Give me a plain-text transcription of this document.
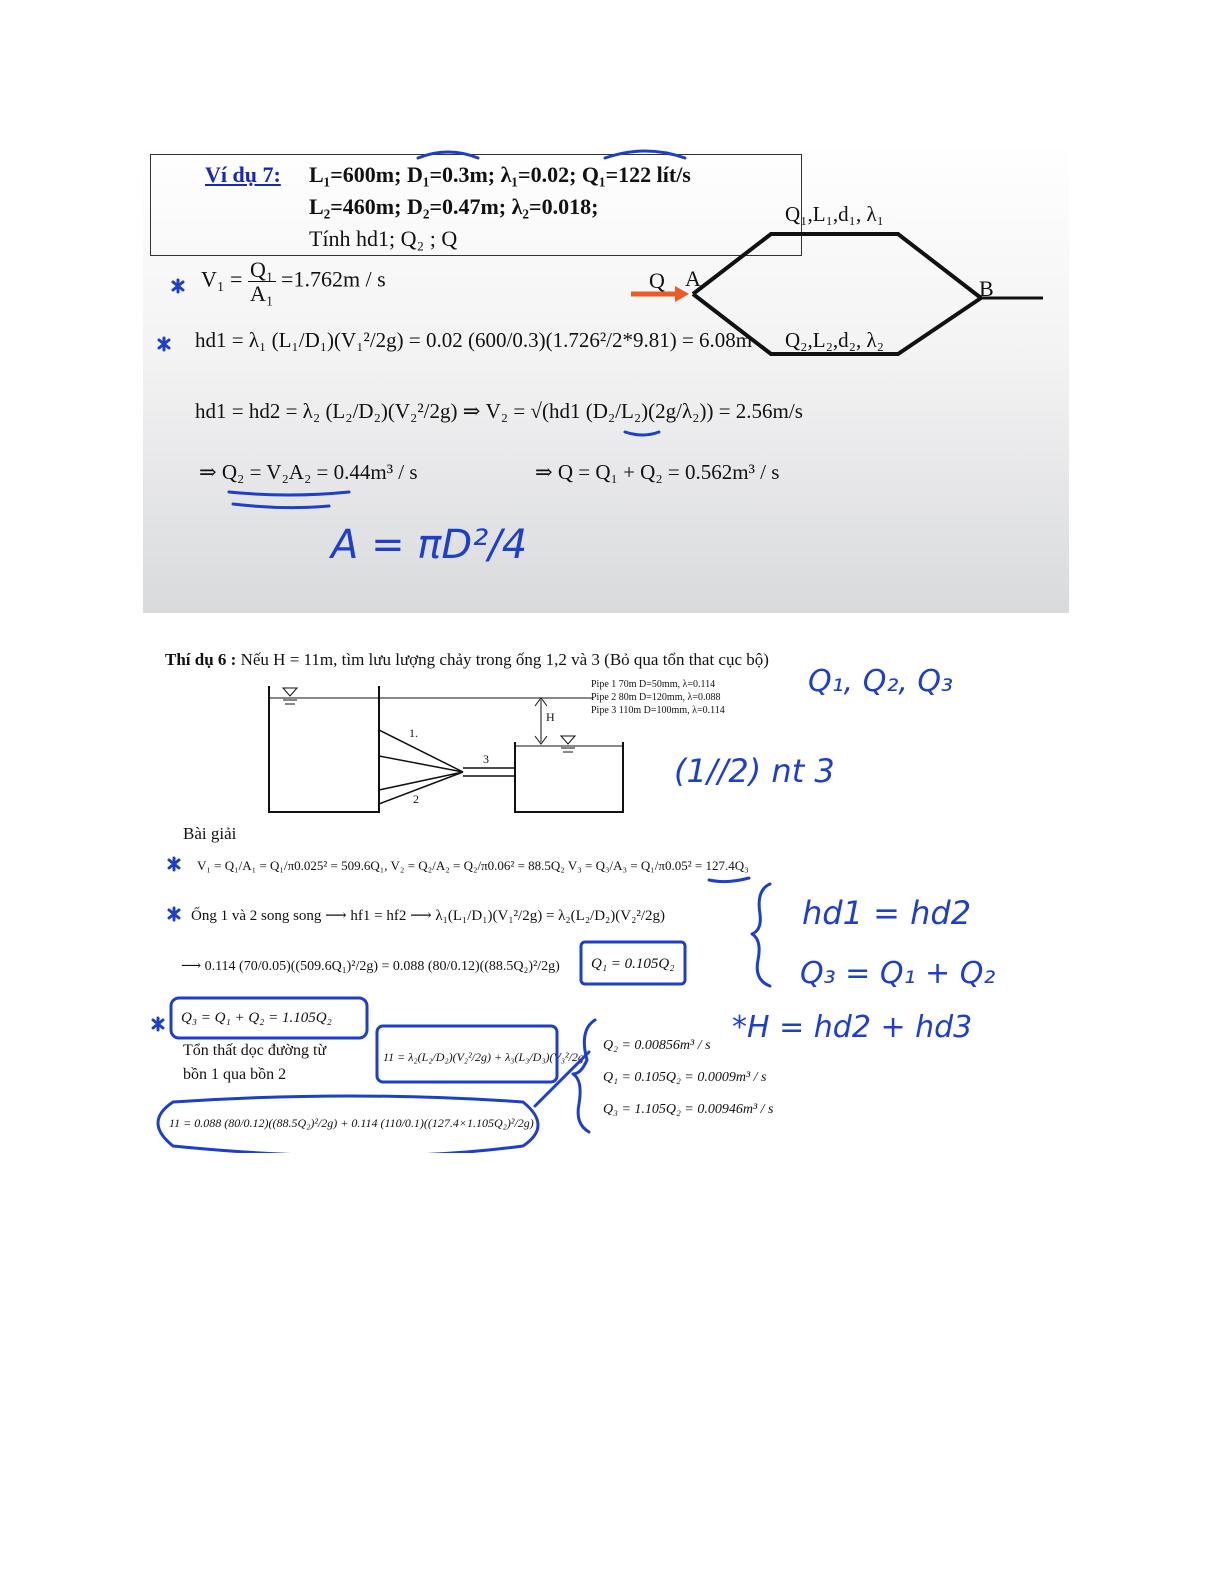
Ví dụ 7: L₁=600m; D₁=0.3m; λ₁=0.02; Q₁=122 lít/s
L₂=460m; D₂=0.47m; λ₂=0.018;
Tính hd1; Q₂ ; Q
Q₁,L₁,d₁, λ₁
Q₂,L₂,d₂, λ₂
Q A	B
$V_1 = \frac{\text{Q₁}}{\text{A₁}} =1.762m / s$
hd1 = λ₁ (L₁/D₁)(V₁²/2g) = 0.02 (600/0.3)(1.726²/2*9.81) = 6.08m
hd1 = hd2 = λ₂ (L₂/D₂)(V₂²/2g) ⇒ V₂ = √(hd1 (D₂/L₂)(2g/λ₂)) = 2.56m/s
⇒ Q₂ = V₂A₂ = 0.44m³ / s	⇒ Q = Q₁ + Q₂ = 0.562m³ / s
A = πD²/4
Thí dụ 6 : Nếu H = 11m, tìm lưu lượng chảy trong ống 1,2 và 3 (Bỏ qua tổn that cục bộ)
H
1.
2
3
Pipe 1 70m D=50mm, λ=0.114
Pipe 2 80m D=120mm, λ=0.088
Pipe 3 110m D=100mm, λ=0.114
Bài giải
V₁ = Q₁/A₁ = Q₁/π0.025² = 509.6Q₁, V₂ = Q₂/A₂ = Q₂/π0.06² = 88.5Q₂ V₃ = Q₃/A₃ = Q₁/π0.05² = 127.4Q₃
Ống 1 và 2 song song ⟶ hf1 = hf2 ⟶ λ₁(L₁/D₁)(V₁²/2g) = λ₂(L₂/D₂)(V₂²/2g)
⟶ 0.114 (70/0.05)((509.6Q₁)²/2g) = 0.088 (80/0.12)((88.5Q₂)²/2g) Q₁ = 0.105Q₂
Q₃ = Q₁ + Q₂ = 1.105Q₂
Tổn thất dọc đường từ
bồn 1 qua bồn 2
11 = λ₂(L₂/D₂)(V₂²/2g) + λ₃(L₃/D₃)(V₃²/2g)
11 = 0.088 (80/0.12)((88.5Q₂)²/2g) + 0.114 (110/0.1)((127.4×1.105Q₂)²/2g)
Q₂ = 0.00856m³ / s
Q₁ = 0.105Q₂ = 0.0009m³ / s
Q₃ = 1.105Q₂ = 0.00946m³ / s
Q₁, Q₂, Q₃
(1//2) nt 3
hd1 = hd2
Q₃ = Q₁ + Q₂
*H = hd2 + hd3
